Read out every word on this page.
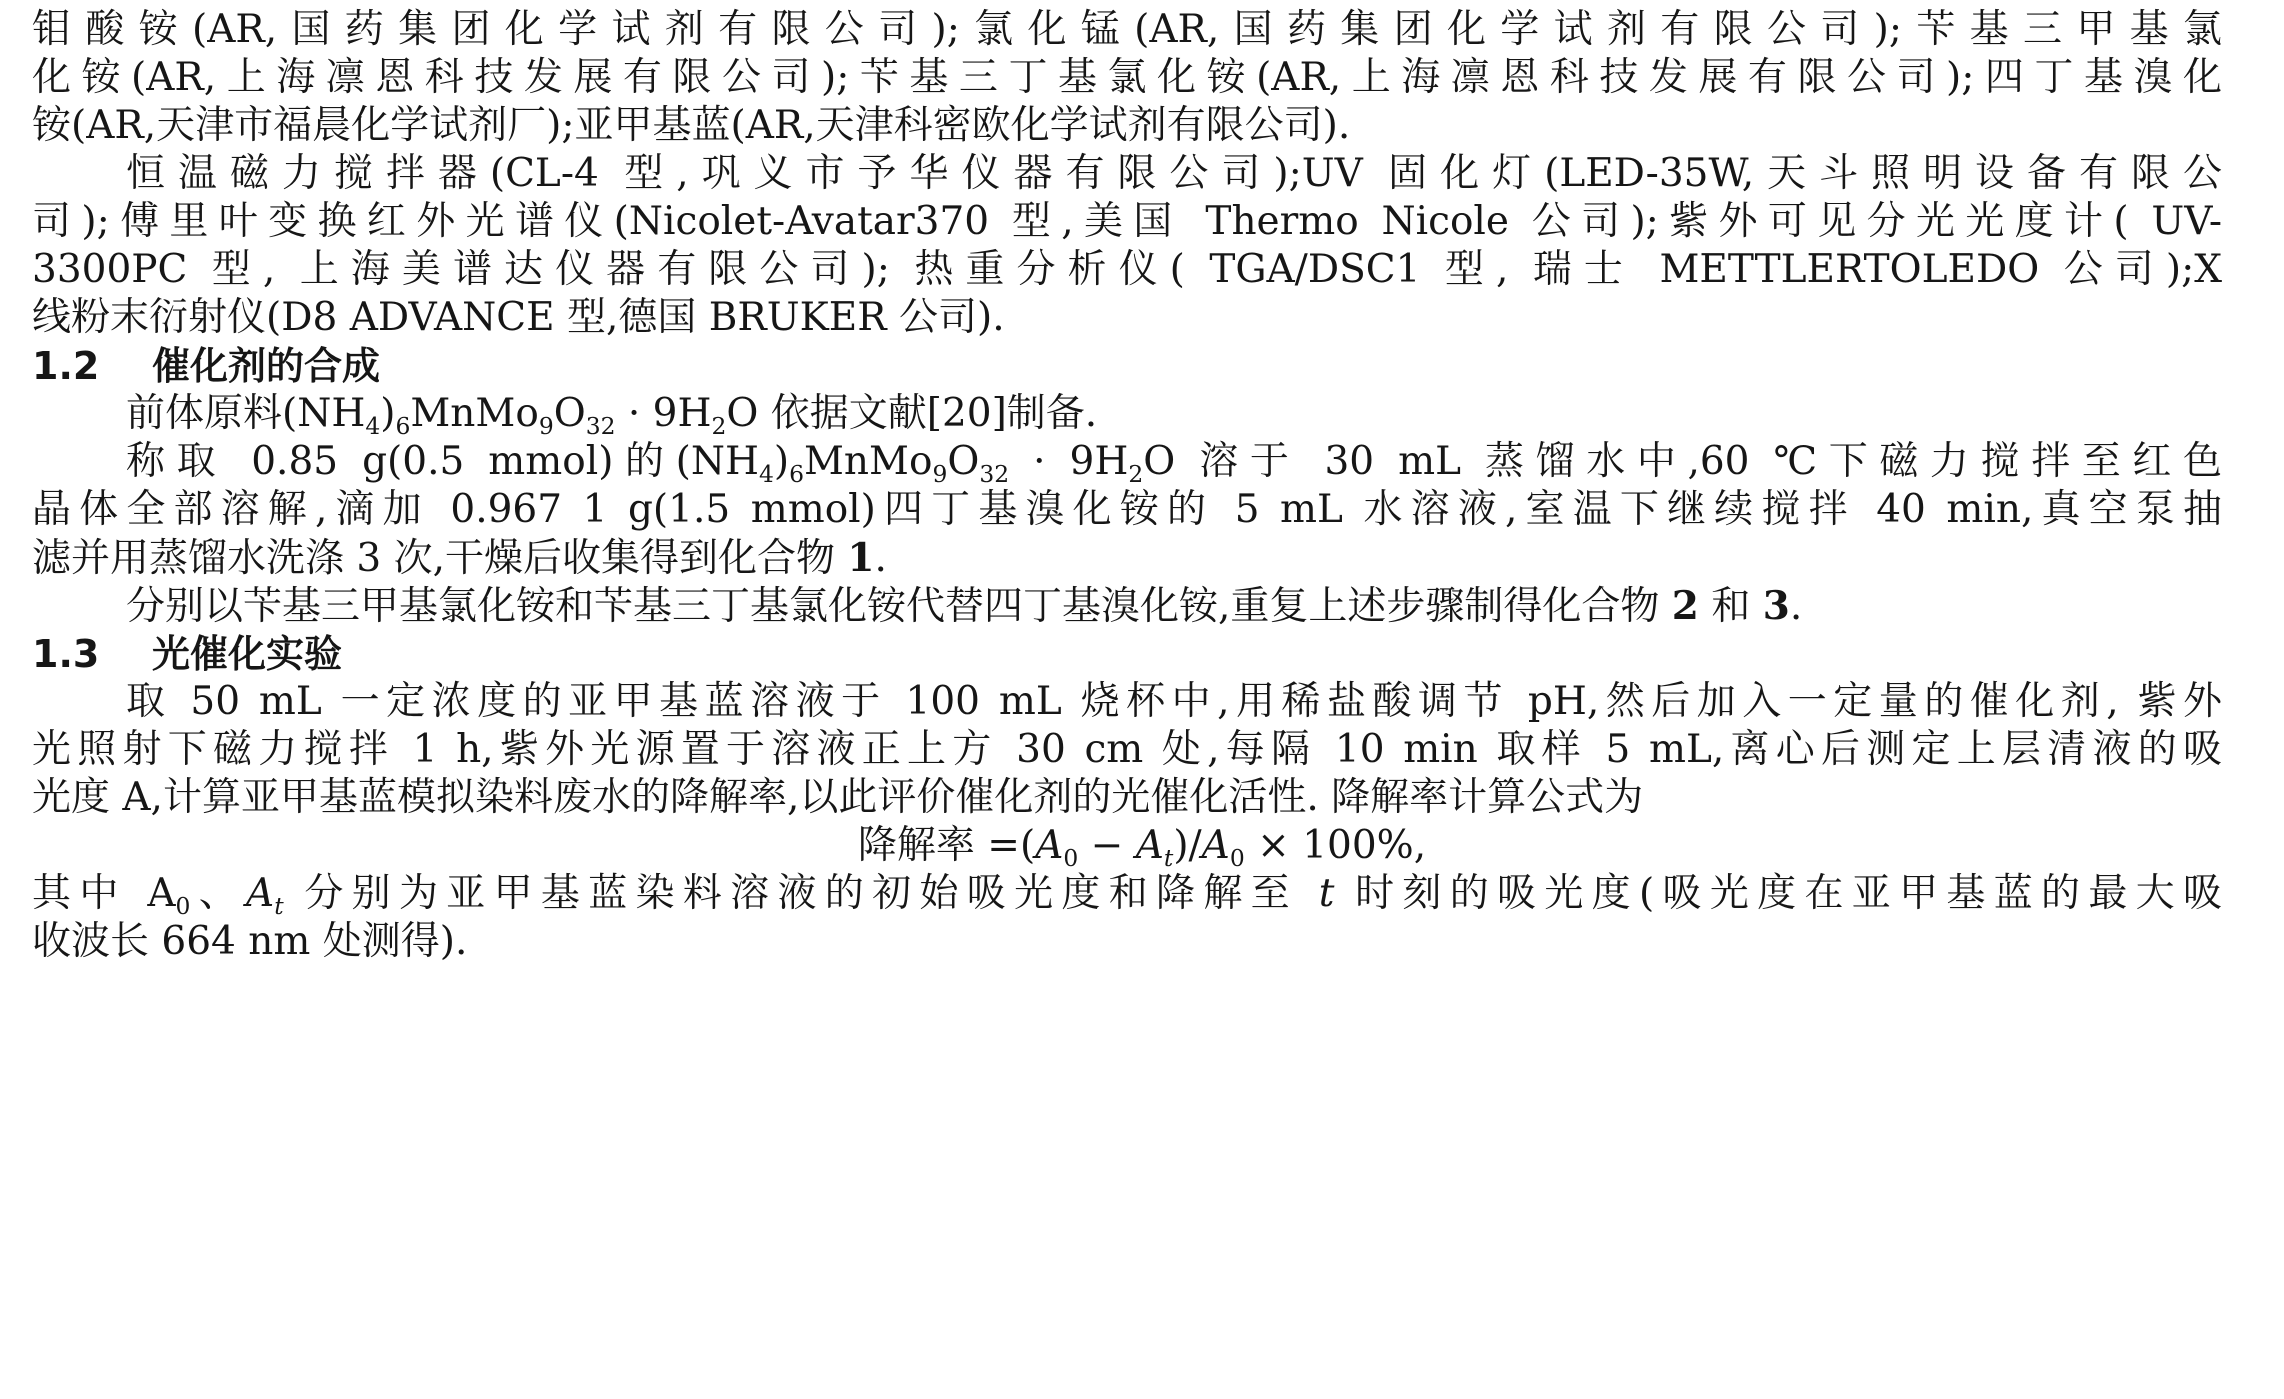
钼酸铵(AR,国药集团化学试剂有限公司);氯化锰(AR,国药集团化学试剂有限公司);苄基三甲基氯
化铵(AR,上海凛恩科技发展有限公司);苄基三丁基氯化铵(AR,上海凛恩科技发展有限公司);四丁基溴化
铵(AR,天津市福晨化学试剂厂);亚甲基蓝(AR,天津科密欧化学试剂有限公司).
恒温磁力搅拌器(CL-4 型,巩义市予华仪器有限公司);UV 固化灯(LED-35W,天斗照明设备有限公
司);傅里叶变换红外光谱仪(Nicolet-Avatar370 型,美国 Thermo Nicole 公司);紫外可见分光光度计( UV-
3300PC 型, 上海美谱达仪器有限公司); 热重分析仪( TGA/DSC1 型, 瑞士 METTLERTOLEDO 公司);X
线粉末衍射仪(D8 ADVANCE 型,德国 BRUKER 公司).
1.2 催化剂的合成
前体原料$(NH_4)_6MnMo_9O_{32} \cdot 9H_2O$ 依据文献[20]制备.
称取 0.85 g(0.5 mmol)的$(NH_4)_6MnMo_9O_{32} \cdot 9H_2O$ 溶于 30 mL 蒸馏水中,60 ℃下磁力搅拌至红色
晶体全部溶解,滴加 0.967 1 g(1.5 mmol)四丁基溴化铵的 5 mL 水溶液,室温下继续搅拌 40 min,真空泵抽
滤并用蒸馏水洗涤 3 次,干燥后收集得到化合物 1.
分别以苄基三甲基氯化铵和苄基三丁基氯化铵代替四丁基溴化铵,重复上述步骤制得化合物 2 和 3.
1.3 光催化实验
取 50 mL 一定浓度的亚甲基蓝溶液于 100 mL 烧杯中,用稀盐酸调节 pH,然后加入一定量的催化剂, 紫外
光照射下磁力搅拌 1 h,紫外光源置于溶液正上方 30 cm 处,每隔 10 min 取样 5 mL,离心后测定上层清液的吸
光度 A,计算亚甲基蓝模拟染料废水的降解率,以此评价催化剂的光催化活性. 降解率计算公式为
降解率 $=(A_0 - A_t)/A_0 \times 100\%$,
其中 $A_0$、$A_t$ 分别为亚甲基蓝染料溶液的初始吸光度和降解至 t 时刻的吸光度(吸光度在亚甲基蓝的最大吸
收波长 664 nm 处测得).
